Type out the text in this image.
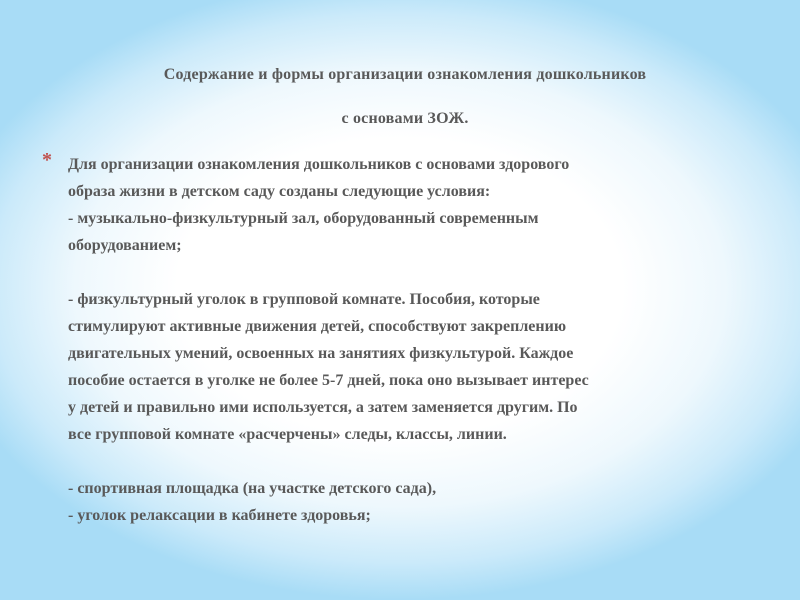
Содержание и формы организации ознакомления дошкольников
с основами ЗОЖ.
* Для организации ознакомления дошкольников с основами здорового
образа жизни в детском саду созданы следующие условия:
- музыкально-физкультурный зал, оборудованный современным
оборудованием;
- физкультурный уголок в групповой комнате. Пособия, которые
стимулируют активные движения детей, способствуют закреплению
двигательных умений, освоенных на занятиях физкультурой. Каждое
пособие остается в уголке не более 5-7 дней, пока оно вызывает интерес
у детей и правильно ими используется, а затем заменяется другим. По
все групповой комнате «расчерчены» следы, классы, линии.
- спортивная площадка (на участке детского сада),
- уголок релаксации в кабинете здоровья;
